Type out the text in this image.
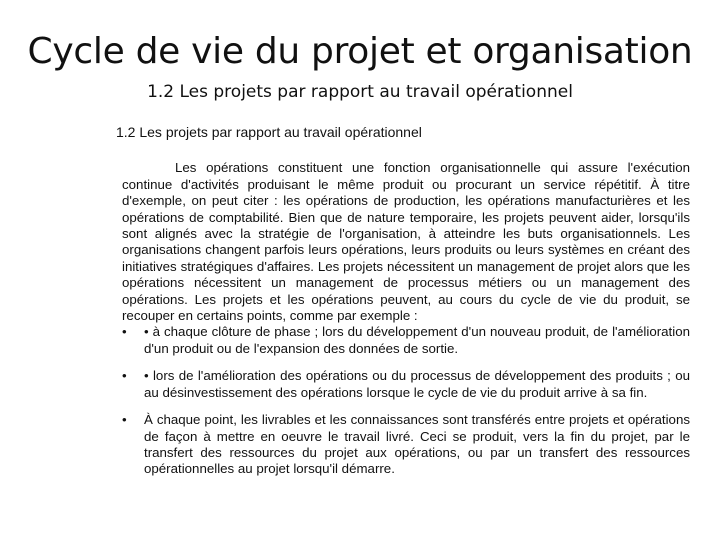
Cycle de vie du projet et organisation
1.2 Les projets par rapport au travail opérationnel
1.2 Les projets par rapport au travail opérationnel

Les opérations constituent une fonction organisationnelle qui assure l'exécution continue d'activités produisant le même produit ou procurant un service répétitif. À titre d'exemple, on peut citer : les opérations de production, les opérations manufacturières et les opérations de comptabilité. Bien que de nature temporaire, les projets peuvent aider, lorsqu'ils sont alignés avec la stratégie de l'organisation, à atteindre les buts organisationnels. Les organisations changent parfois leurs opérations, leurs produits ou leurs systèmes en créant des initiatives stratégiques d'affaires. Les projets nécessitent un management de projet alors que les opérations nécessitent un management de processus métiers ou un management des opérations. Les projets et les opérations peuvent, au cours du cycle de vie du produit, se recouper en certains points, comme par exemple :

• • à chaque clôture de phase ; lors du développement d'un nouveau produit, de l'amélioration d'un produit ou de l'expansion des données de sortie.
• • lors de l'amélioration des opérations ou du processus de développement des produits ; ou au désinvestissement des opérations lorsque le cycle de vie du produit arrive à sa fin.
• À chaque point, les livrables et les connaissances sont transférés entre projets et opérations de façon à mettre en oeuvre le travail livré. Ceci se produit, vers la fin du projet, par le transfert des ressources du projet aux opérations, ou par un transfert des ressources opérationnelles au projet lorsqu'il démarre.
